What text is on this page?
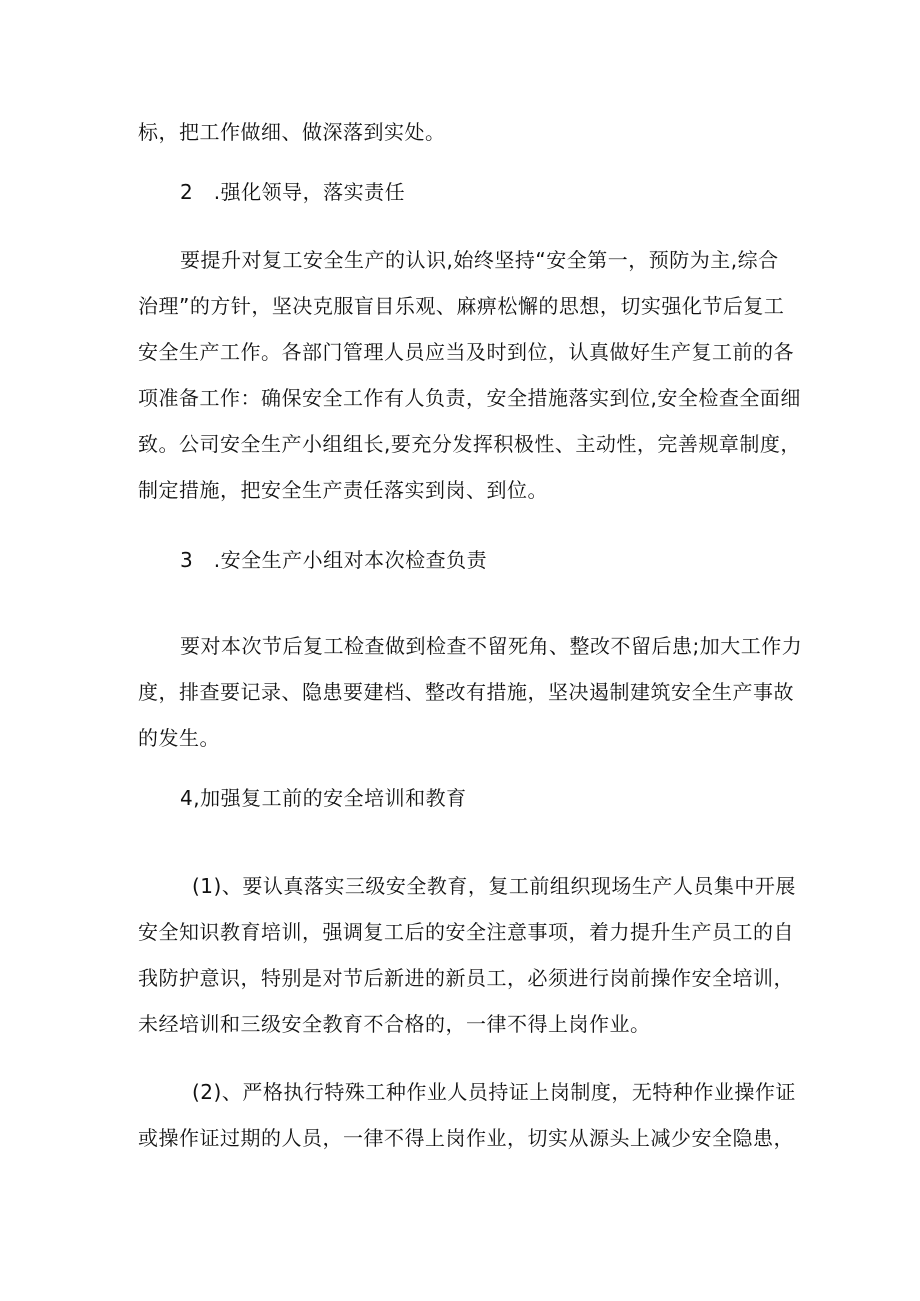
标，把工作做细、做深落到实处。
2　.强化领导，落实责任
要提升对复工安全生产的认识,始终坚持“安全第一，预防为主,综合
治理”的方针，坚决克服盲目乐观、麻痹松懈的思想，切实强化节后复工
安全生产工作。各部门管理人员应当及时到位，认真做好生产复工前的各
项准备工作：确保安全工作有人负责，安全措施落实到位,安全检查全面细
致。公司安全生产小组组长,要充分发挥积极性、主动性，完善规章制度，
制定措施，把安全生产责任落实到岗、到位。
3　.安全生产小组对本次检查负责
要对本次节后复工检查做到检查不留死角、整改不留后患;加大工作力
度，排查要记录、隐患要建档、整改有措施，坚决遏制建筑安全生产事故
的发生。
4,加强复工前的安全培训和教育
(1)、要认真落实三级安全教育，复工前组织现场生产人员集中开展
安全知识教育培训，强调复工后的安全注意事项，着力提升生产员工的自
我防护意识，特别是对节后新进的新员工，必须进行岗前操作安全培训，
未经培训和三级安全教育不合格的，一律不得上岗作业。
(2)、严格执行特殊工种作业人员持证上岗制度，无特种作业操作证
或操作证过期的人员，一律不得上岗作业，切实从源头上减少安全隐患，
